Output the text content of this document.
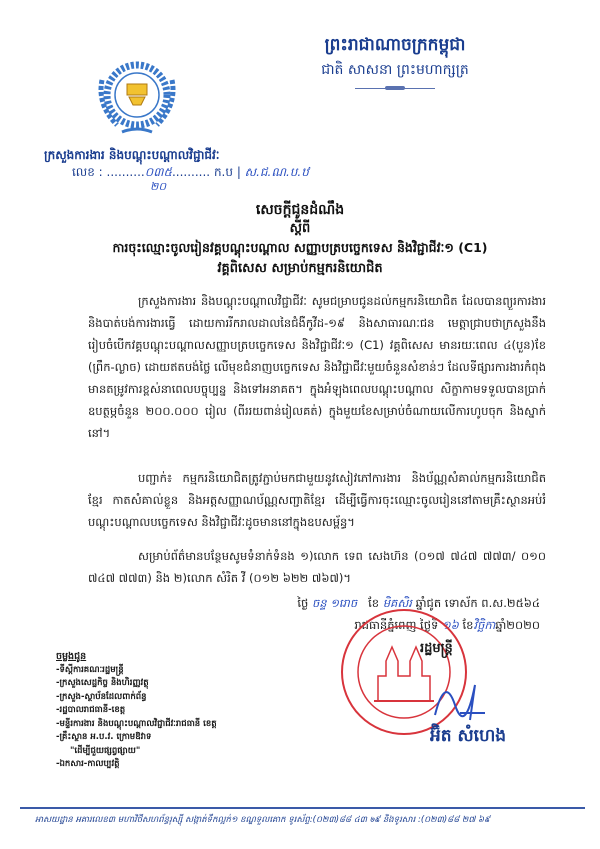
ព្រះរាជាណាចក្រកម្ពុជា
ជាតិ សាសនា ព្រះមហាក្សត្រ
ក្រសួងការងារ និងបណ្តុះបណ្តាលវិជ្ជាជីវៈ
លេខ : ..........០៣៥.......... ក.ប | ស.ជ.ណ.ប.ឋ
២០
សេចក្តីជូនដំណឹង
ស្តីពី
ការចុះឈ្មោះចូលរៀនវគ្គបណ្តុះបណ្តាល សញ្ញាបត្របច្ចេកទេស និងវិជ្ជាជីវៈ១ (C1)
វគ្គពិសេស សម្រាប់កម្មករនិយោជិត
ក្រសួងការងារ និងបណ្តុះបណ្តាលវិជ្ជាជីវៈ សូមជម្រាបជូនដល់កម្មករនិយោជិត ដែលបានព្យួរការងារ និងបាត់បង់ការងារធ្វើ ដោយការរីករាលដាលនៃជំងឺកូវីដ-១៩ និងសាធារណៈជន មេត្តាជ្រាបថាក្រសួងនឹងរៀបចំបើកវគ្គបណ្តុះបណ្តាលសញ្ញាបត្របច្ចេកទេស និងវិជ្ជាជីវៈ១ (C1) វគ្គពិសេស មានរយៈពេល ៤(បួន)ខែ (ព្រឹក-ល្ងាច) ដោយឥតបង់ថ្លៃ លើមុខជំនាញបច្ចេកទេស និងវិជ្ជាជីវៈមួយចំនួនសំខាន់ៗ ដែលទីផ្សារការងារកំពុងមានតម្រូវការខ្ពស់នាពេលបច្ចុប្បន្ន និងទៅអនាគត។ ក្នុងអំឡុងពេលបណ្តុះបណ្តាល សិក្ខាកាមទទួលបានប្រាក់ឧបត្ថម្ភចំនួន ២០០.០០០ រៀល (ពីររយពាន់រៀលគត់) ក្នុងមួយខែសម្រាប់ចំណាយលើការហូបចុក និងស្នាក់នៅ។
បញ្ជាក់៖ កម្មករនិយោជិតត្រូវភ្ជាប់មកជាមួយនូវសៀវភៅការងារ និងប័ណ្ណសំគាល់កម្មករនិយោជិតខ្មែរ កាតសំគាល់ខ្លួន និងអត្តសញ្ញាណប័ណ្ណសញ្ជាតិខ្មែរ ដើម្បីធ្វើការចុះឈ្មោះចូលរៀននៅតាមគ្រឹះស្ថានអប់រំបណ្តុះបណ្តាលបច្ចេកទេស និងវិជ្ជាជីវៈដូចមាននៅក្នុងឧបសម្ព័ន្ធ។
សម្រាប់ព័ត៌មានបន្ថែមសូមទំនាក់ទំនង ១)លោក ទេព សេងហ៊ន (០១៧ ៧៤៧ ៧៧៣/ ០១០ ៧៤៧ ៧៧៣) និង ២)លោក សំរិត វី (០១២ ៦២២ ៧៦៧)។
ថ្ងៃ ចន្ទ ១រោច ខែ មិគសិរ ឆ្នាំជូត ទោស័ក ព.ស.២៥៦៤
រាជធានីភ្នំពេញ ថ្ងៃទី ១៦ ខែវិច្ឆិកាឆ្នាំ២០២០
រដ្ឋមន្ត្រី
អ៊ិត សំហេង
ចម្លងជូន
-ទីស្តីការគណៈរដ្ឋមន្ត្រី
-ក្រសួងសេដ្ឋកិច្ច និងហិរញ្ញវត្ថុ
-ក្រសួង-ស្ថាប័នដែលពាក់ព័ន្ធ
-រដ្ឋបាលរាជធានី-ខេត្ត
-មន្ទីរការងារ និងបណ្តុះបណ្តាលវិជ្ជាជីវៈរាជធានី ខេត្ត
-គ្រឹះស្ថាន អ.ប.វ. ក្រោមឱវាទ
"ដើម្បីជួយផ្សព្វផ្សាយ"
-ឯកសារ-កាលប្បវត្តិ
អាសយដ្ឋាន អគារលេខ៣ មហាវិថីសហព័ន្ធរុស្ស៊ី សង្កាត់ទឹកល្អក់១ ខណ្ឌទួលគោក ទូរស័ព្ទ:(០២៣)៨៨ ៤៣ ७៩ និងទូរសារ :(០២៣)៨៨ ២៧ ៦៩
